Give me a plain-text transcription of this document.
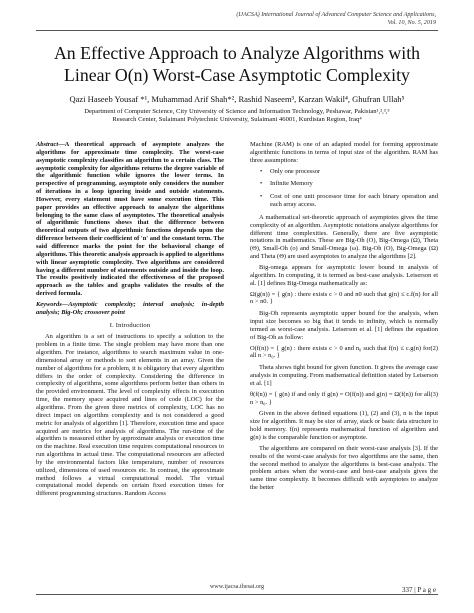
(IJACSA) International Journal of Advanced Computer Science and Applications,
Vol. 10, No. 5, 2019
An Effective Approach to Analyze Algorithms with
Linear O(n) Worst-Case Asymptotic Complexity
Qazi Haseeb Yousaf *¹, Muhammad Arif Shah*², Rashid Naseem³, Karzan Wakil⁴, Ghufran Ullah⁵
Department of Computer Science, City University of Science and Information Technology, Peshawar, Pakistan¹,²,³,⁵
Research Center, Sulaimani Polytechnic University, Sulaimani 46001, Kurdistan Region, Iraq⁴

Abstract—A theoretical approach of asymptote analyzes the algorithms for approximate time complexity. The worst-case asymptotic complexity classifies an algorithm to a certain class. The asymptotic complexity for algorithms returns the degree variable of the algorithmic function while ignores the lower terms. In perspective of programming, asymptote only considers the number of iterations in a loop ignoring inside and outside statements. However, every statement must have some execution time. This paper provides an effective approach to analyze the algorithms belonging to the same class of asymptotes. The theoretical analysis of algorithmic functions shows that the difference between theoretical outputs of two algorithmic functions depends upon the difference between their coefficient of 'n' and the constant term. The said difference marks the point for the behavioral change of algorithms. This theoretic analysis approach is applied to algorithms with linear asymptotic complexity. Two algorithms are considered having a different number of statements outside and inside the loop. The results positively indicated the effectiveness of the proposed approach as the tables and graphs validates the results of the derived formula.

Keywords—Asymptotic complexity; interval analysis; in-depth analysis; Big-Oh; crossover point

I. Introduction

An algorithm is a set of instructions to specify a solution to the problem in a finite time. The single problem may have more than one algorithm. For instance, algorithms to search maximum value in one-dimensional array or methods to sort elements in an array. Given the number of algorithms for a problem, it is obligatory that every algorithm differs in the order of complexity. Considering the difference in complexity of algorithms, some algorithms perform better than others in the provided environment. The level of complexity effects in execution time, the memory space acquired and lines of code (LOC) for the algorithms. From the given three metrics of complexity, LOC has no direct impact on algorithm complexity and is not considered a good metric for analysis of algorithm [1]. Therefore, execution time and space acquired are metrics for analysis of algorithms. The run-time of the algorithm is measured either by approximate analysis or execution time on the machine. Real execution time requires computational resources to run algorithms in actual time. The computational resources are affected by the environmental factors like temperature, number of resources utilized, dimensions of used resources etc. In contrast, the approximate method follows a virtual computational model. The virtual computational model depends on certain fixed execution times for different programming structures. Random Access

Machine (RAM) is one of an adapted model for forming approximate algorithmic functions in terms of input size of the algorithm. RAM has three assumptions:

• Only one processor
• Infinite Memory
• Cost of one unit processor time for each binary operation and each array access.

A mathematical set-theoretic approach of asymptotes gives the time complexity of an algorithm. Asymptotic notations analyze algorithms for different time complexities. Generally, there are five asymptotic notations in mathematics. These are Big-Oh (O), Big-Omega (Ω), Theta (Θ), Small-Oh (o) and Small-Omega (ω). Big-Oh (O), Big-Omega (Ω) and Theta (Θ) are used asymptotes to analyze the algorithms [2].

Big-omega appears for asymptotic lower bound in analysis of algorithm. In computing, it is termed as best-case analysis. Leiserson et al. [1] defines Big-Omega mathematically as:

Ω(g(n)) = { g(n) : there exists c > 0 and n0 such that g(n) ≤ c.f(n) for all n > n0. }

Big-Oh represents asymptotic upper bound for the analysis, when input size becomes so big that it tends to infinity, which is normally termed as worst-case analysis. Leiserson et al. [1] defines the equation of Big-Oh as follow:

O(f(n)) = { g(n) : there exists c > 0 and n₀ such that f(n) ≤ c.g(n) for all n > n₀. }
(2)

Theta shows tight bound for given function. It gives the average case analysis in computing. From mathematical definition stated by Leiserson et al. [1]

θ(f(n)) = { g(n) if and only if g(n) = O(f(n)) and g(n) = Ω(f(n)) for all n > n₀. }
(3)

Given in the above defined equations (1), (2) and (3), n is the input size for algorithm. It may be size of array, stack or basic data structure to hold memory. f(n) represents mathematical function of algorithm and g(n) is the comparable function or asymptote.

The algorithms are compared on their worst-case analysis [3]. If the results of the worst-case analysis for two algorithms are the same, then the second method to analyze the algorithms is best-case analysis. The problem arises when the worst-case and best-case analysis gives the same time complexity. It becomes difficult with asymptotes to analyze the better

www.ijacsa.thesai.org	337 | P a g e
